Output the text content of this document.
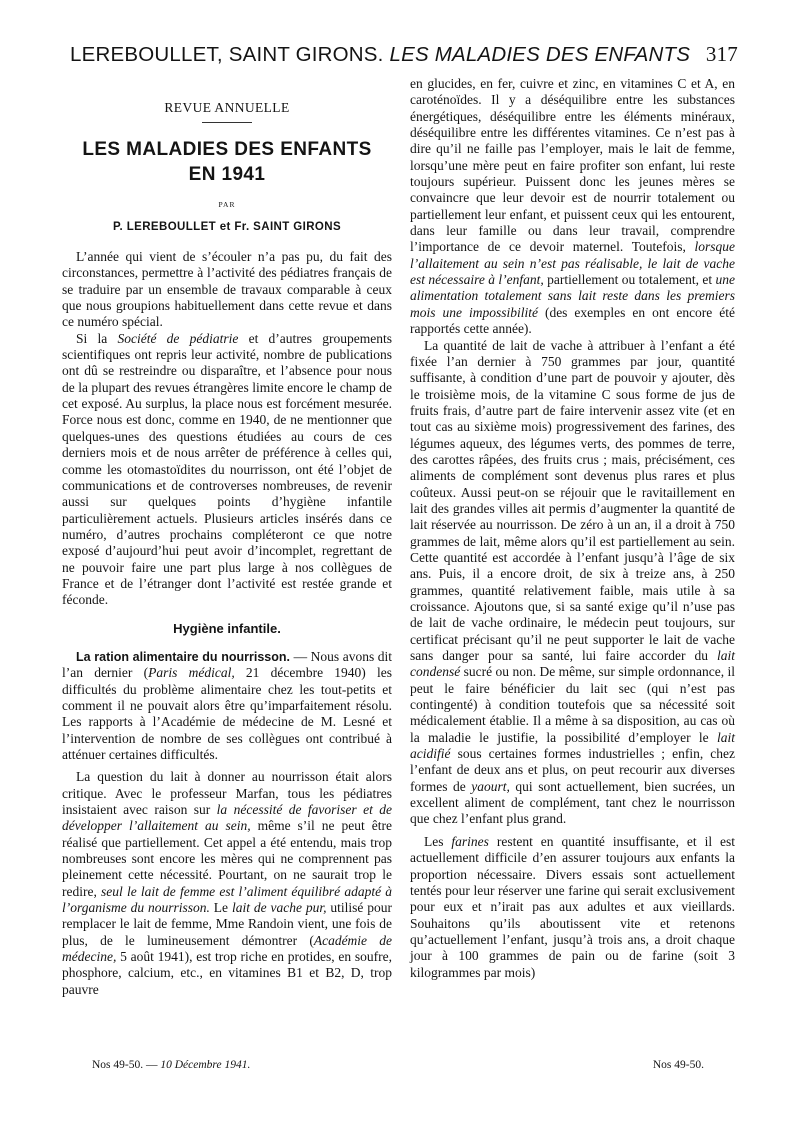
LEREBOULLET, SAINT GIRONS. LES MALADIES DES ENFANTS 317

REVUE ANNUELLE

LES MALADIES DES ENFANTS
EN 1941
PAR
P. LEREBOULLET et Fr. SAINT GIRONS

L’année qui vient de s’écouler n’a pas pu, du fait des circonstances, permettre à l’activité des pédiatres français de se traduire par un ensemble de travaux comparable à ceux que nous groupions habituellement dans cette revue et dans ce numéro spécial.

Si la Société de pédiatrie et d’autres groupements scientifiques ont repris leur activité, nombre de publications ont dû se restreindre ou disparaître, et l’absence pour nous de la plupart des revues étrangères limite encore le champ de cet exposé. Au surplus, la place nous est forcément mesurée. Force nous est donc, comme en 1940, de ne mentionner que quelques-unes des questions étudiées au cours de ces derniers mois et de nous arrêter de préférence à celles qui, comme les otomastoïdites du nourrisson, ont été l’objet de communications et de controverses nombreuses, de revenir aussi sur quelques points d’hygiène infantile particulièrement actuels. Plusieurs articles insérés dans ce numéro, d’autres prochains compléteront ce que notre exposé d’aujourd’hui peut avoir d’incomplet, regrettant de ne pouvoir faire une part plus large à nos collègues de France et de l’étranger dont l’activité est restée grande et féconde.

Hygiène infantile.

La ration alimentaire du nourrisson. — Nous avons dit l’an dernier (Paris médical, 21 décembre 1940) les difficultés du problème alimentaire chez les tout-petits et comment il ne pouvait alors être qu’imparfaitement résolu. Les rapports à l’Académie de médecine de M. Lesné et l’intervention de nombre de ses collègues ont contribué à atténuer certaines difficultés.

La question du lait à donner au nourrisson était alors critique. Avec le professeur Marfan, tous les pédiatres insistaient avec raison sur la nécessité de favoriser et de développer l’allaitement au sein, même s’il ne peut être réalisé que partiellement. Cet appel a été entendu, mais trop nombreuses sont encore les mères qui ne comprennent pas pleinement cette nécessité. Pourtant, on ne saurait trop le redire, seul le lait de femme est l’aliment équilibré adapté à l’organisme du nourrisson. Le lait de vache pur, utilisé pour remplacer le lait de femme, Mme Randoin vient, une fois de plus, de le lumineusement démontrer (Académie de médecine, 5 août 1941), est trop riche en protides, en soufre, phosphore, calcium, etc., en vitamines B1 et B2, D, trop pauvre

en glucides, en fer, cuivre et zinc, en vitamines C et A, en caroténoïdes. Il y a déséquilibre entre les substances énergétiques, déséquilibre entre les éléments minéraux, déséquilibre entre les différentes vitamines. Ce n’est pas à dire qu’il ne faille pas l’employer, mais le lait de femme, lorsqu’une mère peut en faire profiter son enfant, lui reste toujours supérieur. Puissent donc les jeunes mères se convaincre que leur devoir est de nourrir totalement ou partiellement leur enfant, et puissent ceux qui les entourent, dans leur famille ou dans leur travail, comprendre l’importance de ce devoir maternel. Toutefois, lorsque l’allaitement au sein n’est pas réalisable, le lait de vache est nécessaire à l’enfant, partiellement ou totalement, et une alimentation totalement sans lait reste dans les premiers mois une impossibilité (des exemples en ont encore été rapportés cette année).

La quantité de lait de vache à attribuer à l’enfant a été fixée l’an dernier à 750 grammes par jour, quantité suffisante, à condition d’une part de pouvoir y ajouter, dès le troisième mois, de la vitamine C sous forme de jus de fruits frais, d’autre part de faire intervenir assez vite (et en tout cas au sixième mois) progressivement des farines, des légumes aqueux, des légumes verts, des pommes de terre, des carottes râpées, des fruits crus ; mais, précisément, ces aliments de complément sont devenus plus rares et plus coûteux. Aussi peut-on se réjouir que le ravitaillement en lait des grandes villes ait permis d’augmenter la quantité de lait réservée au nourrisson. De zéro à un an, il a droit à 750 grammes de lait, même alors qu’il est partiellement au sein. Cette quantité est accordée à l’enfant jusqu’à l’âge de six ans. Puis, il a encore droit, de six à treize ans, à 250 grammes, quantité relativement faible, mais utile à sa croissance. Ajoutons que, si sa santé exige qu’il n’use pas de lait de vache ordinaire, le médecin peut toujours, sur certificat précisant qu’il ne peut supporter le lait de vache sans danger pour sa santé, lui faire accorder du lait condensé sucré ou non. De même, sur simple ordonnance, il peut le faire bénéficier du lait sec (qui n’est pas contingenté) à condition toutefois que sa nécessité soit médicalement établie. Il a même à sa disposition, au cas où la maladie le justifie, la possibilité d’employer le lait acidifié sous certaines formes industrielles ; enfin, chez l’enfant de deux ans et plus, on peut recourir aux diverses formes de yaourt, qui sont actuellement, bien sucrées, un excellent aliment de complément, tant chez le nourrisson que chez l’enfant plus grand.

Les farines restent en quantité insuffisante, et il est actuellement difficile d’en assurer toujours aux enfants la proportion nécessaire. Divers essais sont actuellement tentés pour leur réserver une farine qui serait exclusivement pour eux et n’irait pas aux adultes et aux vieillards. Souhaitons qu’ils aboutissent vite et retenons qu’actuellement l’enfant, jusqu’à trois ans, a droit chaque jour à 100 grammes de pain ou de farine (soit 3 kilogrammes par mois)

Nos 49-50. — 10 Décembre 1941.	Nos 49-50.
